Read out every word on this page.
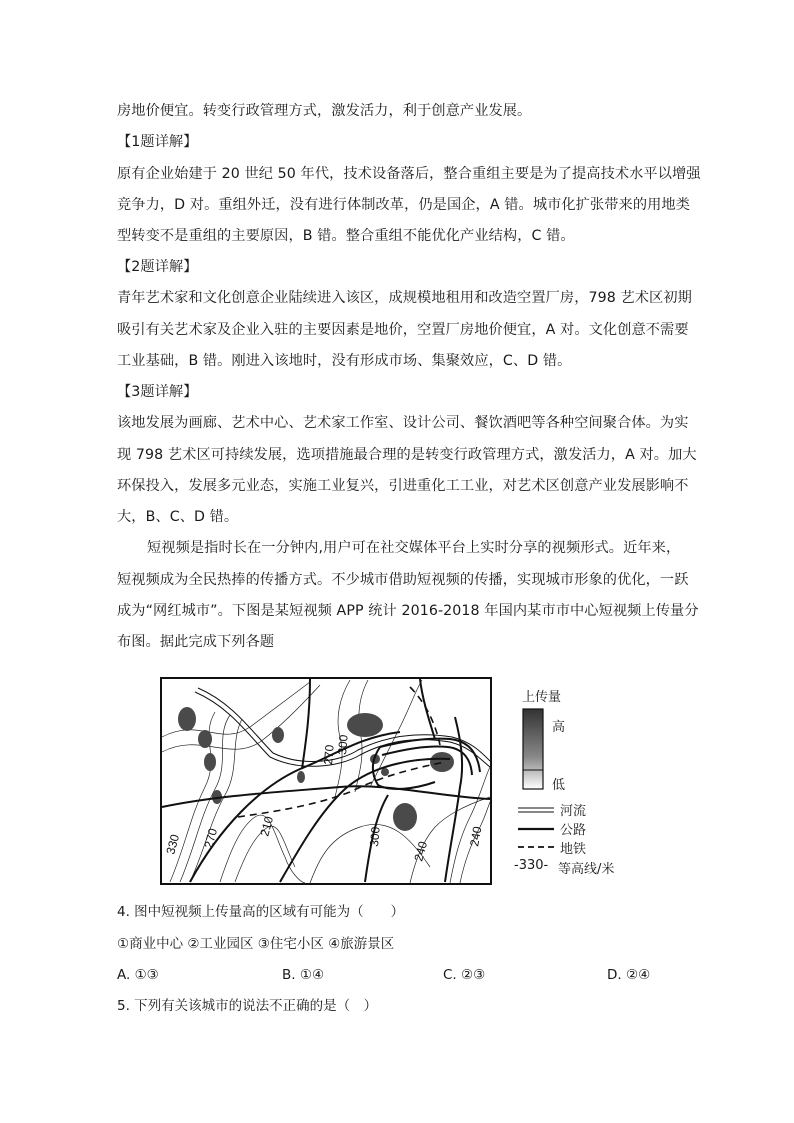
房地价便宜。转变行政管理方式，激发活力，利于创意产业发展。
【1题详解】
原有企业始建于 20 世纪 50 年代，技术设备落后，整合重组主要是为了提高技术水平以增强
竞争力，D 对。重组外迁，没有进行体制改革，仍是国企，A 错。城市化扩张带来的用地类
型转变不是重组的主要原因，B 错。整合重组不能优化产业结构，C 错。
【2题详解】
青年艺术家和文化创意企业陆续进入该区，成规模地租用和改造空置厂房，798 艺术区初期
吸引有关艺术家及企业入驻的主要因素是地价，空置厂房地价便宜，A 对。文化创意不需要
工业基础，B 错。刚进入该地时，没有形成市场、集聚效应，C、D 错。
【3题详解】
该地发展为画廊、艺术中心、艺术家工作室、设计公司、餐饮酒吧等各种空间聚合体。为实
现 798 艺术区可持续发展，选项措施最合理的是转变行政管理方式，激发活力，A 对。加大
环保投入，发展多元业态，实施工业复兴，引进重化工工业，对艺术区创意产业发展影响不
大，B、C、D 错。
短视频是指时长在一分钟内,用户可在社交媒体平台上实时分享的视频形式。近年来，
短视频成为全民热捧的传播方式。不少城市借助短视频的传播，实现城市形象的优化，一跃
成为“网红城市”。下图是某短视频 APP 统计 2016-2018 年国内某市市中心短视频上传量分
布图。据此完成下列各题
330 270
210
270
300
300
240
240
上传量
高
低
河流
公路
地铁
-330- 等高线/米
4. 图中短视频上传量高的区域有可能为（　　）
①商业中心 ②工业园区 ③住宅小区 ④旅游景区
A. ①③	B. ①④	C. ②③	D. ②④
5. 下列有关该城市的说法不正确的是（　）
